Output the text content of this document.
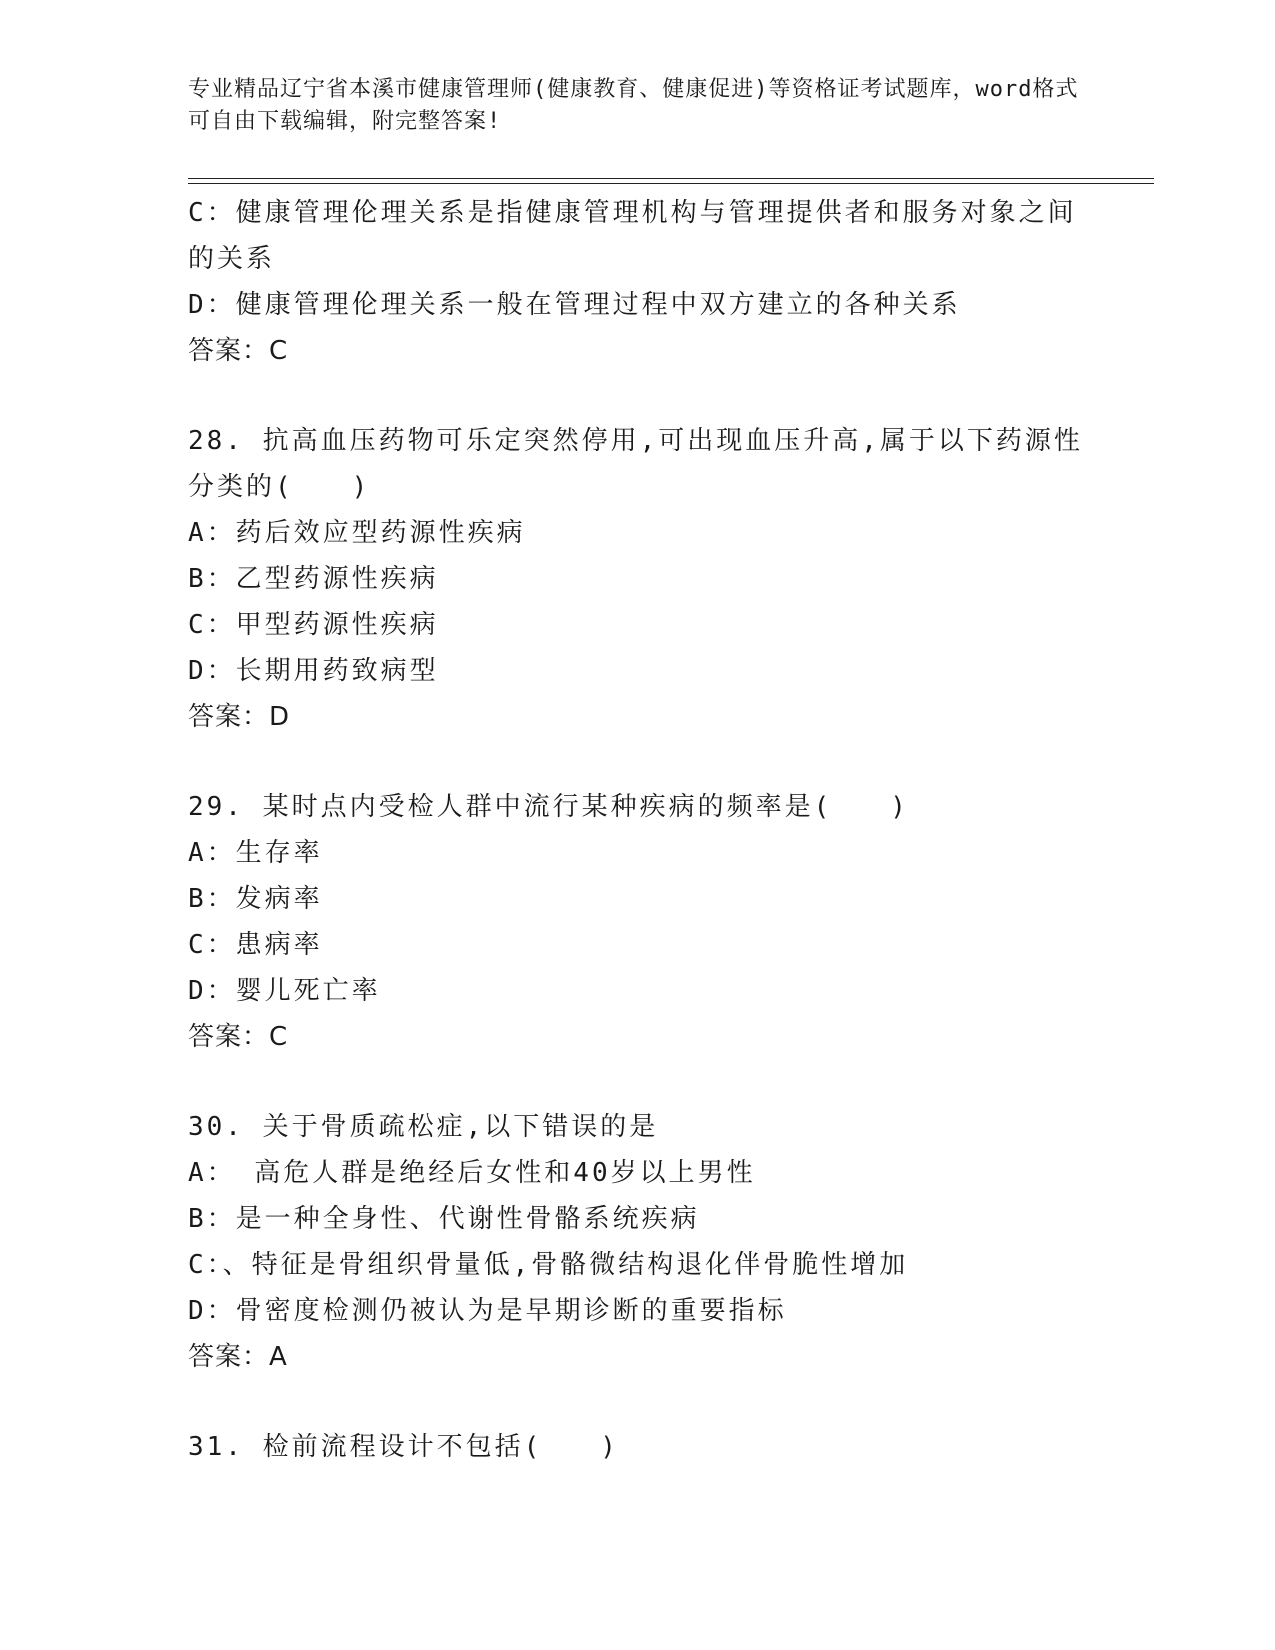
专业精品辽宁省本溪市健康管理师(健康教育、健康促进)等资格证考试题库，word格式可自由下载编辑，附完整答案!

C：健康管理伦理关系是指健康管理机构与管理提供者和服务对象之间

的关系

D：健康管理伦理关系一般在管理过程中双方建立的各种关系

答案：C

28. 抗高血压药物可乐定突然停用,可出现血压升高,属于以下药源性

分类的(　　)

A：药后效应型药源性疾病

B：乙型药源性疾病

C：甲型药源性疾病

D：长期用药致病型

答案：D

29. 某时点内受检人群中流行某种疾病的频率是(　　)

A：生存率

B：发病率

C：患病率

D：婴儿死亡率

答案：C

30. 关于骨质疏松症,以下错误的是

A： 高危人群是绝经后女性和40岁以上男性

B：是一种全身性、代谢性骨骼系统疾病

C：、特征是骨组织骨量低,骨骼微结构退化伴骨脆性增加

D：骨密度检测仍被认为是早期诊断的重要指标

答案：A

31. 检前流程设计不包括(　　)
